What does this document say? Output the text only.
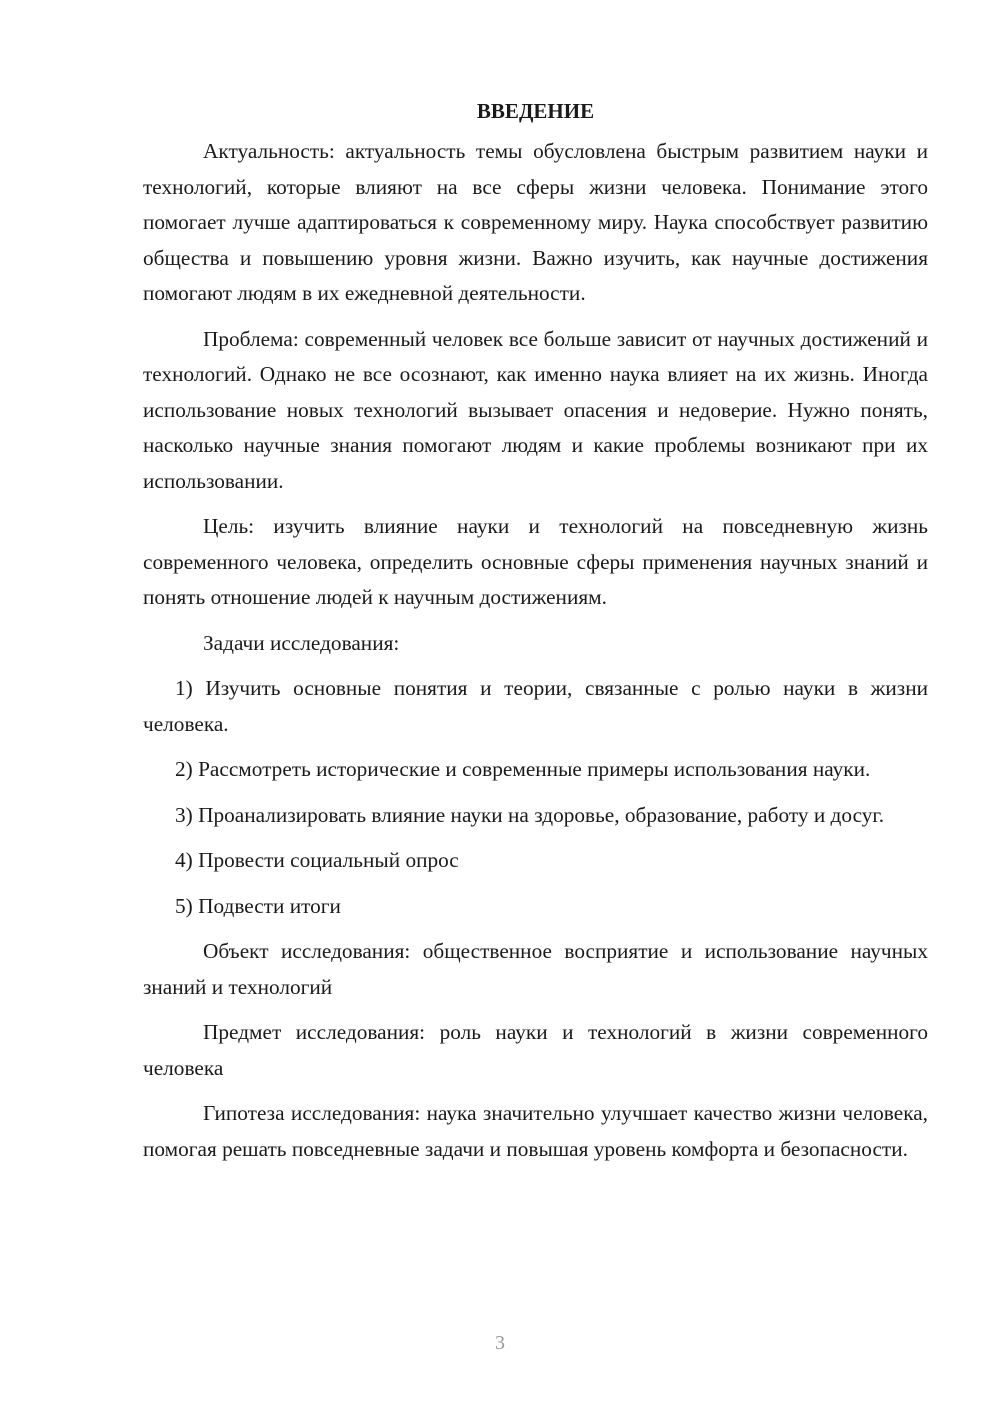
ВВЕДЕНИЕ

Актуальность: актуальность темы обусловлена быстрым развитием науки и технологий, которые влияют на все сферы жизни человека. Понимание этого помогает лучше адаптироваться к современному миру. Наука способствует развитию общества и повышению уровня жизни. Важно изучить, как научные достижения помогают людям в их ежедневной деятельности.

Проблема: современный человек все больше зависит от научных достижений и технологий. Однако не все осознают, как именно наука влияет на их жизнь. Иногда использование новых технологий вызывает опасения и недоверие. Нужно понять, насколько научные знания помогают людям и какие проблемы возникают при их использовании.

Цель: изучить влияние науки и технологий на повседневную жизнь современного человека, определить основные сферы применения научных знаний и понять отношение людей к научным достижениям.

Задачи исследования:

1) Изучить основные понятия и теории, связанные с ролью науки в жизни человека.

2) Рассмотреть исторические и современные примеры использования науки.

3) Проанализировать влияние науки на здоровье, образование, работу и досуг.

4) Провести социальный опрос

5) Подвести итоги

Объект исследования: общественное восприятие и использование научных знаний и технологий

Предмет исследования: роль науки и технологий в жизни современного человека

Гипотеза исследования: наука значительно улучшает качество жизни человека, помогая решать повседневные задачи и повышая уровень комфорта и безопасности.

3
